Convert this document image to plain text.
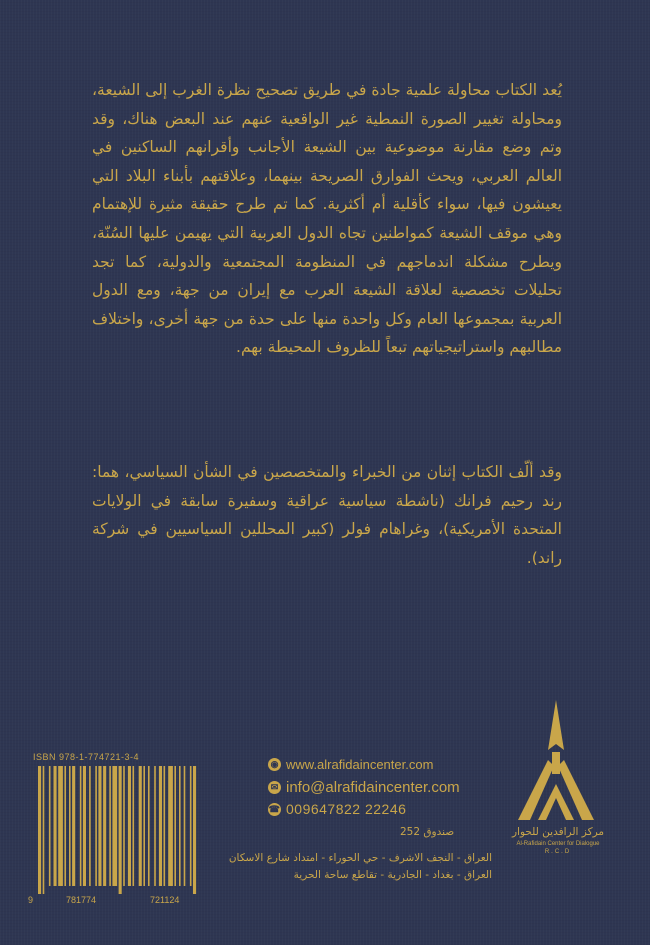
يُعد الكتاب محاولة علمية جادة في طريق تصحيح نظرة الغرب إلى الشيعة، ومحاولة تغيير الصورة النمطية غير الواقعية عنهم عند البعض هناك، وقد وتم وضع مقارنة موضوعية بين الشيعة الأجانب وأقرانهم الساكنين في العالم العربي، ويحث الفوارق الصريحة بينهما، وعلاقتهم بأبناء البلاد التي يعيشون فيها، سواء كأقلية أم أكثرية. كما تم طرح حقيقة مثيرة للإهتمام وهي موقف الشيعة كمواطنين تجاه الدول العربية التي يهيمن عليها السُنّة، ويطرح مشكلة اندماجهم في المنظومة المجتمعية والدولية، كما تجد تحليلات تخصصية لعلاقة الشيعة العرب مع إيران من جهة، ومع الدول العربية بمجموعها العام وكل واحدة منها على حدة من جهة أخرى، واختلاف مطالبهم واستراتيجياتهم تبعاً للظروف المحيطة بهم.

وقد ألّف الكتاب إثنان من الخبراء والمتخصصين في الشأن السياسي، هما: رند رحيم فرانك (ناشطة سياسية عراقية وسفيرة سابقة في الولايات المتحدة الأمريكية)، وغراهام فولر (كبير المحللين السياسيين في شركة راند).

مركز الرافدين للحوار
Al-Rafidain Center for Dialogue
R.C.D
◉ www.alrafidaincenter.com
✉ info@alrafidaincenter.com
☎ 009647822 22246
صندوق 252
العراق - النجف الاشرف - حي الحوراء - امتداد شارع الاسكان
العراق - بغداد - الجادرية - تقاطع ساحة الحرية
ISBN 978-1-774721-3-4
9	781774	721124
